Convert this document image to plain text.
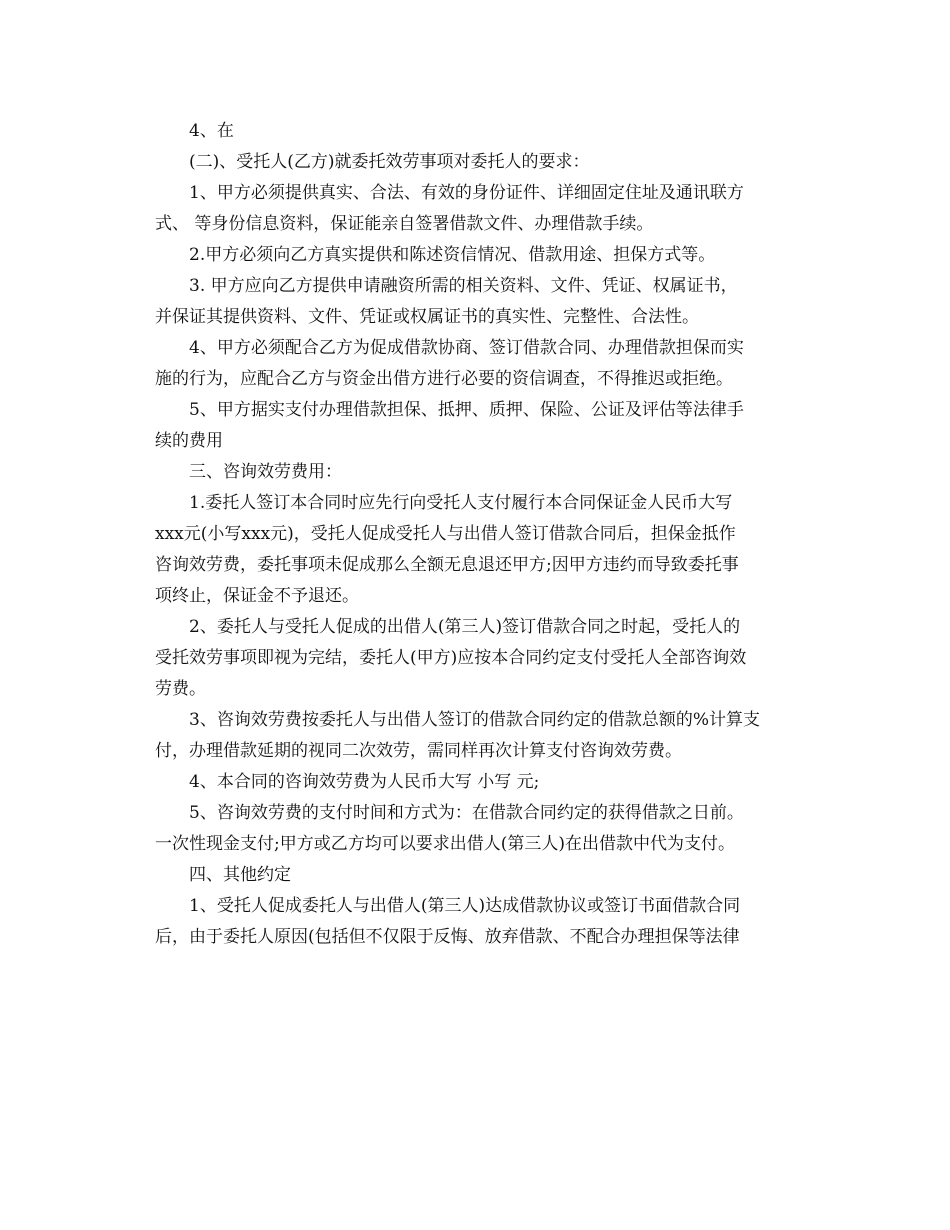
4、在
(二)、受托人(乙方)就委托效劳事项对委托人的要求：
1、甲方必须提供真实、合法、有效的身份证件、详细固定住址及通讯联方
式、 等身份信息资料，保证能亲自签署借款文件、办理借款手续。
2.甲方必须向乙方真实提供和陈述资信情况、借款用途、担保方式等。
3. 甲方应向乙方提供申请融资所需的相关资料、文件、凭证、权属证书，
并保证其提供资料、文件、凭证或权属证书的真实性、完整性、合法性。
4、甲方必须配合乙方为促成借款协商、签订借款合同、办理借款担保而实
施的行为，应配合乙方与资金出借方进行必要的资信调查，不得推迟或拒绝。
5、甲方据实支付办理借款担保、抵押、质押、保险、公证及评估等法律手
续的费用
三、咨询效劳费用：
1.委托人签订本合同时应先行向受托人支付履行本合同保证金人民币大写
xxx元(小写xxx元)，受托人促成受托人与出借人签订借款合同后，担保金抵作
咨询效劳费，委托事项未促成那么全额无息退还甲方;因甲方违约而导致委托事
项终止，保证金不予退还。
2、委托人与受托人促成的出借人(第三人)签订借款合同之时起，受托人的
受托效劳事项即视为完结，委托人(甲方)应按本合同约定支付受托人全部咨询效
劳费。
3、咨询效劳费按委托人与出借人签订的借款合同约定的借款总额的%计算支
付，办理借款延期的视同二次效劳，需同样再次计算支付咨询效劳费。
4、本合同的咨询效劳费为人民币大写 小写 元;
5、咨询效劳费的支付时间和方式为：在借款合同约定的获得借款之日前。
一次性现金支付;甲方或乙方均可以要求出借人(第三人)在出借款中代为支付。
四、其他约定
1、受托人促成委托人与出借人(第三人)达成借款协议或签订书面借款合同
后，由于委托人原因(包括但不仅限于反悔、放弃借款、不配合办理担保等法律
